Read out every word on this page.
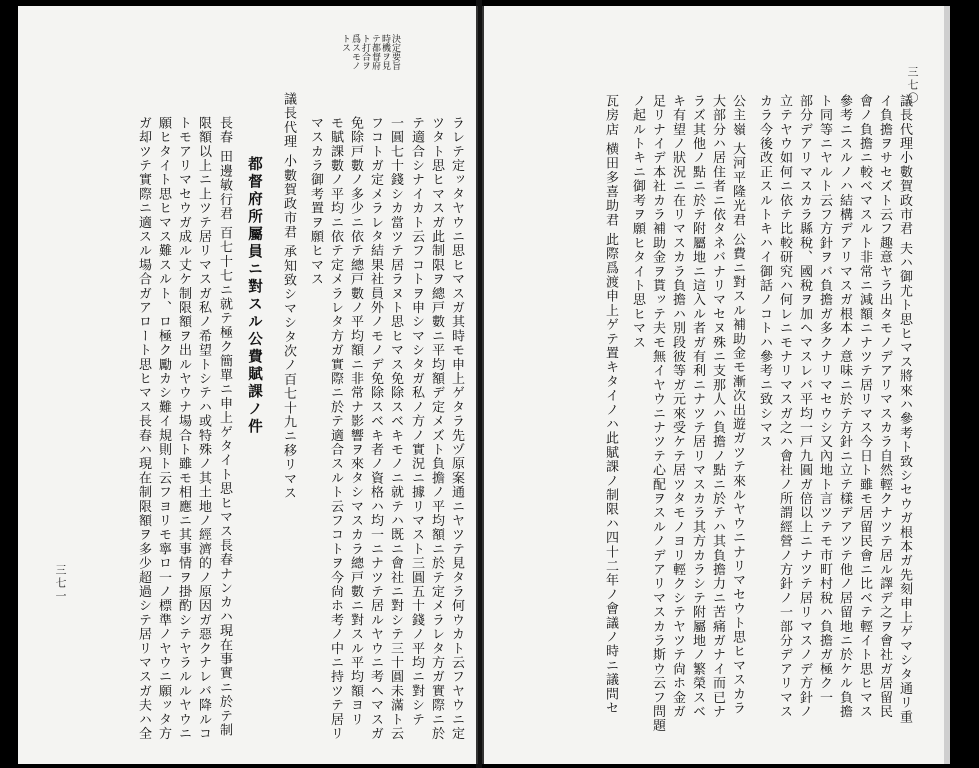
決定要旨 時機ヲ見テ都督府ト打合ヲ爲スモノトス
ラレテ定ッタヤウニ思ヒマスガ其時モ申上ゲタラ先ヅ原案通ニヤツテ見タラ何ウカト云フヤウニ定
ツタト思ヒマスガ此制限ヲ總戸數ニ平均額デ定メズト負擔ノ平均額ニ於テ定メラレタ方ガ實際ニ於
テ適合シナイカト云フコトヲ申シマシタガ私ノ方ノ實況ニ據リマスト三圓五十錢ノ平均ニ對シテ
一圓七十錢シカ當ツテ居ラヌト思ヒマス免除スベキモノニ就テハ既ニ會社ニ對シテ三十圓未滿ト云
フコトガ定メラレタ結果社員外ノモノデ免除スベキ者ノ資格ハ均一ニナツテ居ルヤウニ考ヘマスガ
免除戸數ノ多少ニ依テ總戸數ノ平均額ニ非常ナ影響ヲ來タシマスカラ總戸數ニ對スル平均額ヨリ
モ賦課數ノ平均ニ依テ定メラレタ方ガ實際ニ於テ適合スルト云フコトヲ今尙ホ考ノ中ニ持ツテ居リ
マスカラ御考置ヲ願ヒマス
議長代理 小數賀政市君 承知致シマシタ次ノ百七十九ニ移リマス
都督府所屬員ニ對スル公費賦課ノ件
長春 田邊敏行君 百七十七ニ就テ極ク簡單ニ申上ゲタイト思ヒマス長春ナンカハ現在事實ニ於テ制
限額以上ニ上ツテ居リマスガ私ノ希望トシテハ或特殊ノ其土地ノ經濟的ノ原因ガ惡クナレバ降ルコ
トモアリマセウガ成ル丈ケ制限額ヲ出ルヤウナ場合ト雖モ相應ニ其事情ヲ掛酌シテヤラルルヤウニ
願ヒタイト思ヒマス難スルト、ロ極ク勵カシ難イ規則ト云フヨリモ寧ロ一ノ標準ノヤウニ願ッタ方
ガ却ツテ實際ニ適スル場合ガアロート思ヒマス長春ハ現在制限額ヲ多少超過シテ居リマスガ夫ハ全
三七一	議長代理小數賀政市君 夫ハ御尤ト思ヒマス將來ハ參考ト致シセウガ根本ガ先刻申上ゲマシタ通リ重
イ負擔ヲサセズト云フ趣意ヤラ出タモノデアリマスカラ自然輕クナツテ居ル譯デ之ヲ會社ガ居留民
會ノ負擔ニ較ベマスルト非常ニ減額ニナツテ居リマス今日ト雖モ居留民會ニ比ベテ輕イト思ヒマス
參考ニスルノハ結構デアリマスガ根本ノ意味ニ於テ方針ニ立テ樣デアツテ他ノ居留地ニ於ケル負擔
ト同等ニヤルト云フ方針ヲバ負擔ガ多クナリマセウシ又內地ト言ツテモ市町村稅ハ負擔ガ極ク一
部分デアリマスカラ縣稅、國稅ヲ加ヘマスレバ平均一戸九圓ガ倍以上ニナツテ居リマスノデ方針ノ
立テヤウ如何ニ依テ比較研究ハ何レニモナリマスガ之ハ會社ノ所謂經營ノ方針ノ一部分デアリマス
カラ今後改正スルトキハイ御話ノコトハ參考ニ致シマス
公主嶺 大河平隆光君 公費ニ對スル補助金モ漸次出遊ガツテ來ルヤウニナリマセウト思ヒマスカラ
大部分ハ居住者ニ依タネバナリマセヌ殊ニ支那人ハ負擔ノ點ニ於テハ其負擔力ニ苦痛ガナイ而已ナ
ラズ其他ノ點ニ於テ附屬地ニ這入ル者ガ有利ニナツテ居リマスカラ其方カラシテ附屬地ノ繁榮スベ
キ有望ノ狀況ニ在リマスカラ負擔ハ別段彼等ガ元來受ケテ居ツタモノヨリ輕クシテヤツテ尙ホ金ガ
足リナイデ本社カラ補助金ヲ貰ッテ夫モ無イヤウニナツテ心配ヲスルノデアリマスカラ斯ウ云フ問題
ノ起ルトキニ御考ヲ願ヒタイト思ヒマス
瓦房店 横田多喜助君 此際爲渡申上ゲテ置キタイノハ此賦課ノ制限ハ四十二年ノ會議ノ時ニ議問セ
三七〇
